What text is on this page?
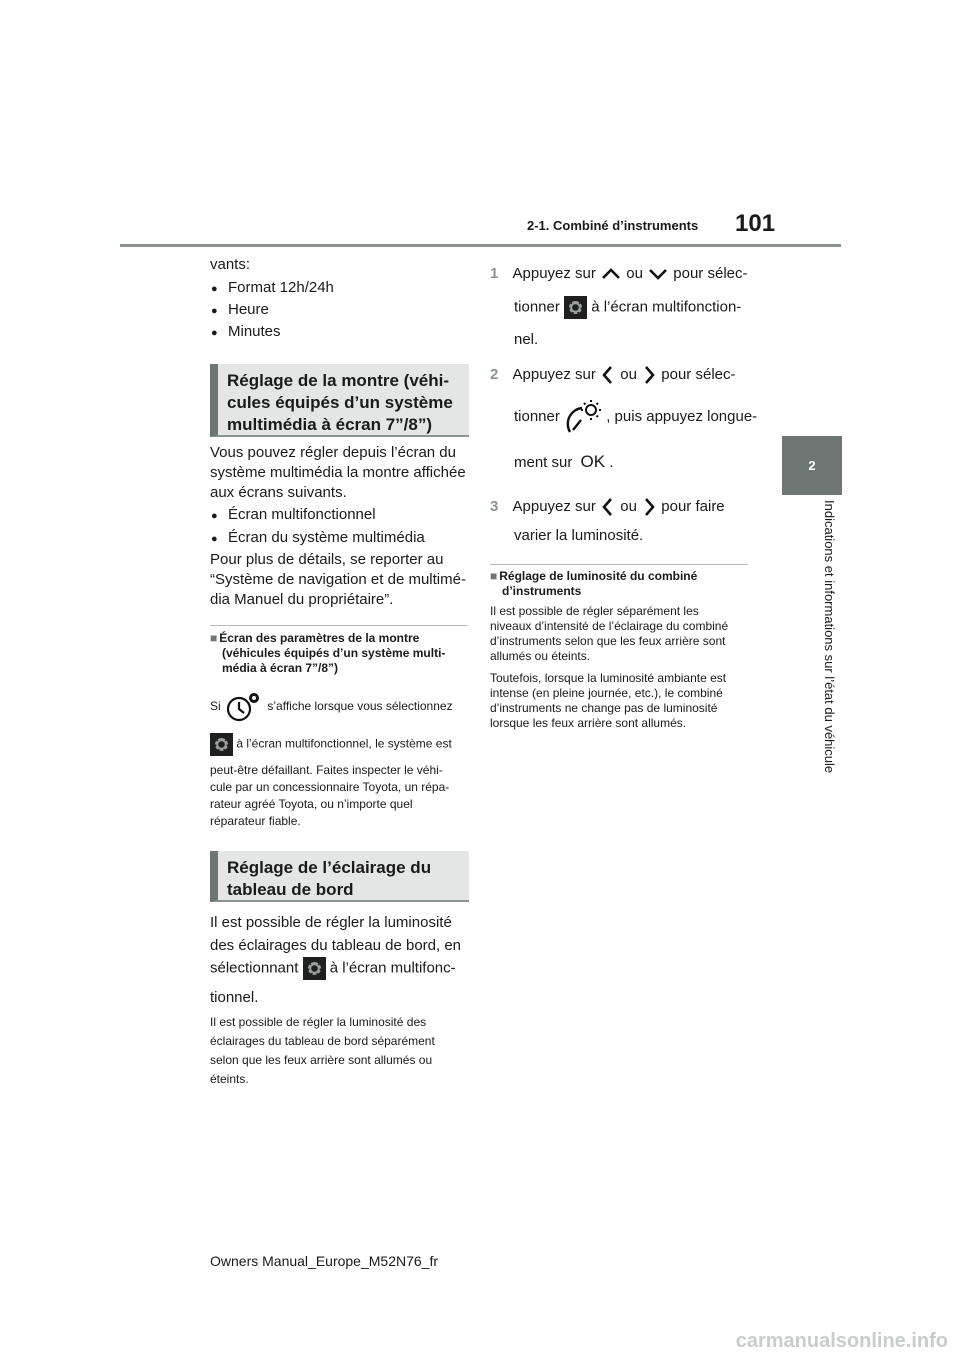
2-1. Combiné d’instruments 101
2
Indications et informations sur l’état du véhicule
vants:
● Format 12h/24h
● Heure
● Minutes
Réglage de la montre (véhi-
cules équipés d’un système
multimédia à écran 7”/8”)
Vous pouvez régler depuis l’écran du
système multimédia la montre affichée
aux écrans suivants.
● Écran multifonctionnel
● Écran du système multimédia
Pour plus de détails, se reporter au
“Système de navigation et de multimé-
dia Manuel du propriétaire”.
■ Écran des paramètres de la montre
(véhicules équipés d’un système multi-
média à écran 7”/8”)
Si	s’affiche lorsque vous sélectionnez
à l’écran multifonctionnel, le système est
peut-être défaillant. Faites inspecter le véhi-
cule par un concessionnaire Toyota, un répa-
rateur agréé Toyota, ou n’importe quel
réparateur fiable.
Réglage de l’éclairage du
tableau de bord
Il est possible de régler la luminosité
des éclairages du tableau de bord, en
sélectionnant à l’écran multifonc-
tionnel.
Il est possible de régler la luminosité des
éclairages du tableau de bord séparément
selon que les feux arrière sont allumés ou
éteints.
1 Appuyez sur ou pour sélec-
tionner à l’écran multifonction-
nel.
2 Appuyez sur ou pour sélec-
tionner	, puis appuyez longue-
ment sur OK .
3 Appuyez sur ou pour faire
varier la luminosité.
■ Réglage de luminosité du combiné
d’instruments
Il est possible de régler séparément les
niveaux d’intensité de l’éclairage du combiné
d’instruments selon que les feux arrière sont
allumés ou éteints.
Toutefois, lorsque la luminosité ambiante est
intense (en pleine journée, etc.), le combiné
d’instruments ne change pas de luminosité
lorsque les feux arrière sont allumés.
Owners Manual_Europe_M52N76_fr
carmanualsonline.info
